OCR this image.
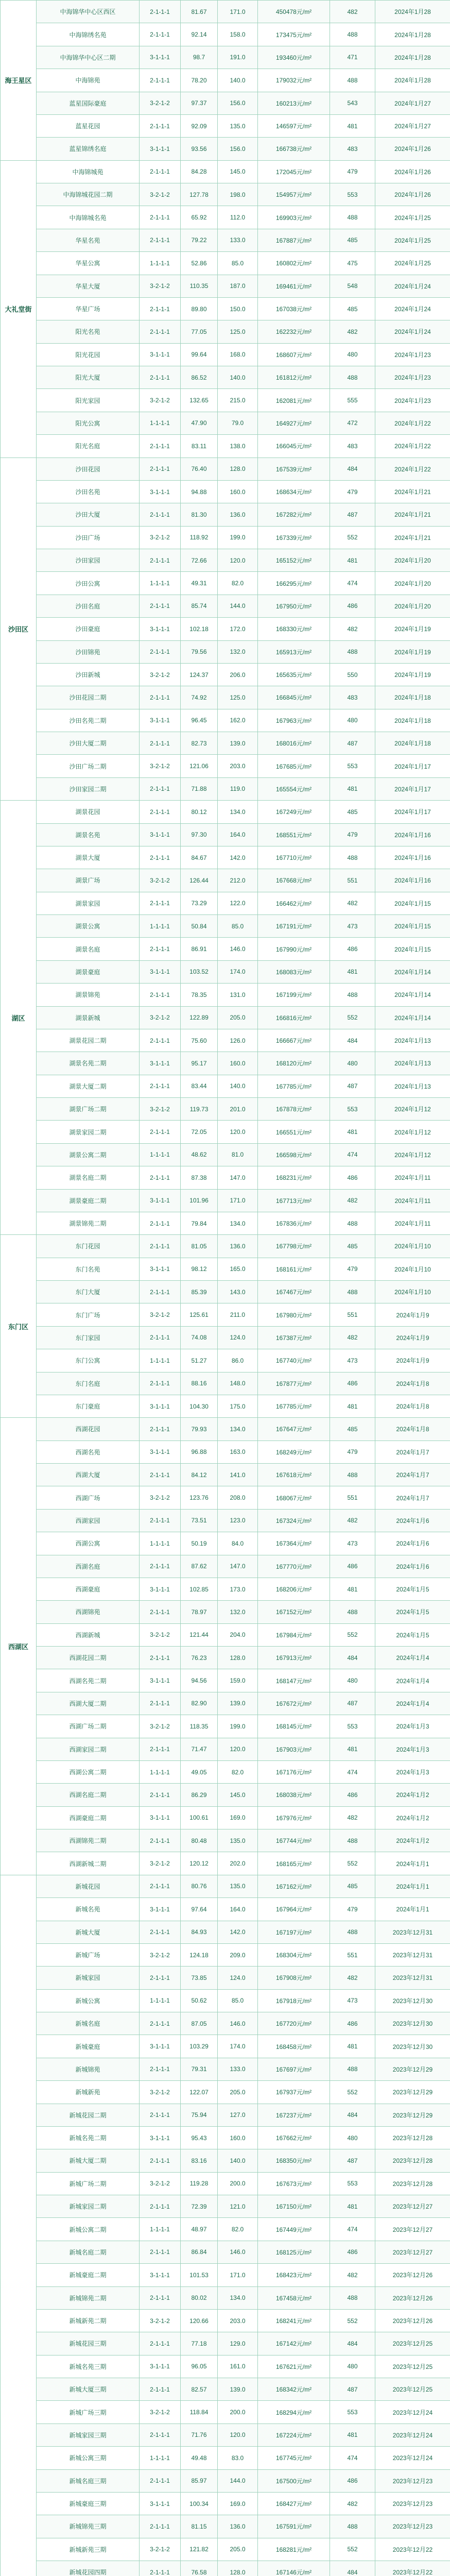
海王星区	中海锦华中心区西区	2-1-1-1	81.67	171.0	450478元/m²	482	2024年1月28
	中海锦绣名苑	2-1-1-1	92.14	158.0	173475元/m²	488	2024年1月28
	中海锦华中心区二期	3-1-1-1	98.7	191.0	193460元/m²	471	2024年1月28
	中海锦苑	2-1-1-1	78.20	140.0	179032元/m²	488	2024年1月28
	蓝星国际豪庭	3-2-1-2	97.37	156.0	160213元/m²	543	2024年1月27
	蓝星花园	2-1-1-1	92.09	135.0	146597元/m²	481	2024年1月27
	蓝星锦绣名庭	3-1-1-1	93.56	156.0	166738元/m²	483	2024年1月26
大礼堂街	中海锦城苑	2-1-1-1	84.28	145.0	172045元/m²	479	2024年1月26
	中海锦城花园二期	3-2-1-2	127.78	198.0	154957元/m²	553	2024年1月26
	中海锦城名苑	2-1-1-1	65.92	112.0	169903元/m²	488	2024年1月25
	华星名苑	2-1-1-1	79.22	133.0	167887元/m²	485	2024年1月25
	华星公寓	1-1-1-1	52.86	85.0	160802元/m²	475	2024年1月25
	华星大厦	3-2-1-2	110.35	187.0	169461元/m²	548	2024年1月24
	华星广场	2-1-1-1	89.80	150.0	167038元/m²	485	2024年1月24
	阳光名苑	2-1-1-1	77.05	125.0	162232元/m²	482	2024年1月24
	阳光花园	3-1-1-1	99.64	168.0	168607元/m²	480	2024年1月23
	阳光大厦	2-1-1-1	86.52	140.0	161812元/m²	488	2024年1月23
	阳光家园	3-2-1-2	132.65	215.0	162081元/m²	555	2024年1月23
	阳光公寓	1-1-1-1	47.90	79.0	164927元/m²	472	2024年1月22
	阳光名庭	2-1-1-1	83.11	138.0	166045元/m²	483	2024年1月22
沙田区	沙田花园	2-1-1-1	76.40	128.0	167539元/m²	484	2024年1月22
	沙田名苑	3-1-1-1	94.88	160.0	168634元/m²	479	2024年1月21
	沙田大厦	2-1-1-1	81.30	136.0	167282元/m²	487	2024年1月21
	沙田广场	3-2-1-2	118.92	199.0	167339元/m²	552	2024年1月21
	沙田家园	2-1-1-1	72.66	120.0	165152元/m²	481	2024年1月20
	沙田公寓	1-1-1-1	49.31	82.0	166295元/m²	474	2024年1月20
	沙田名庭	2-1-1-1	85.74	144.0	167950元/m²	486	2024年1月20
	沙田豪庭	3-1-1-1	102.18	172.0	168330元/m²	482	2024年1月19
	沙田锦苑	2-1-1-1	79.56	132.0	165913元/m²	488	2024年1月19
	沙田新城	3-2-1-2	124.37	206.0	165635元/m²	550	2024年1月19
	沙田花园二期	2-1-1-1	74.92	125.0	166845元/m²	483	2024年1月18
	沙田名苑二期	3-1-1-1	96.45	162.0	167963元/m²	480	2024年1月18
	沙田大厦二期	2-1-1-1	82.73	139.0	168016元/m²	487	2024年1月18
	沙田广场二期	3-2-1-2	121.06	203.0	167685元/m²	553	2024年1月17
	沙田家园二期	2-1-1-1	71.88	119.0	165554元/m²	481	2024年1月17
湖区	湖景花园	2-1-1-1	80.12	134.0	167249元/m²	485	2024年1月17
	湖景名苑	3-1-1-1	97.30	164.0	168551元/m²	479	2024年1月16
	湖景大厦	2-1-1-1	84.67	142.0	167710元/m²	488	2024年1月16
	湖景广场	3-2-1-2	126.44	212.0	167668元/m²	551	2024年1月16
	湖景家园	2-1-1-1	73.29	122.0	166462元/m²	482	2024年1月15
	湖景公寓	1-1-1-1	50.84	85.0	167191元/m²	473	2024年1月15
	湖景名庭	2-1-1-1	86.91	146.0	167990元/m²	486	2024年1月15
	湖景豪庭	3-1-1-1	103.52	174.0	168083元/m²	481	2024年1月14
	湖景锦苑	2-1-1-1	78.35	131.0	167199元/m²	488	2024年1月14
	湖景新城	3-2-1-2	122.89	205.0	166816元/m²	552	2024年1月14
	湖景花园二期	2-1-1-1	75.60	126.0	166667元/m²	484	2024年1月13
	湖景名苑二期	3-1-1-1	95.17	160.0	168120元/m²	480	2024年1月13
	湖景大厦二期	2-1-1-1	83.44	140.0	167785元/m²	487	2024年1月13
	湖景广场二期	3-2-1-2	119.73	201.0	167878元/m²	553	2024年1月12
	湖景家园二期	2-1-1-1	72.05	120.0	166551元/m²	481	2024年1月12
	湖景公寓二期	1-1-1-1	48.62	81.0	166598元/m²	474	2024年1月12
	湖景名庭二期	2-1-1-1	87.38	147.0	168231元/m²	486	2024年1月11
	湖景豪庭二期	3-1-1-1	101.96	171.0	167713元/m²	482	2024年1月11
	湖景锦苑二期	2-1-1-1	79.84	134.0	167836元/m²	488	2024年1月11
东门区	东门花园	2-1-1-1	81.05	136.0	167798元/m²	485	2024年1月10
	东门名苑	3-1-1-1	98.12	165.0	168161元/m²	479	2024年1月10
	东门大厦	2-1-1-1	85.39	143.0	167467元/m²	488	2024年1月10
	东门广场	3-2-1-2	125.61	211.0	167980元/m²	551	2024年1月9
	东门家园	2-1-1-1	74.08	124.0	167387元/m²	482	2024年1月9
	东门公寓	1-1-1-1	51.27	86.0	167740元/m²	473	2024年1月9
	东门名庭	2-1-1-1	88.16	148.0	167877元/m²	486	2024年1月8
	东门豪庭	3-1-1-1	104.30	175.0	167785元/m²	481	2024年1月8
西湖区	西湖花园	2-1-1-1	79.93	134.0	167647元/m²	485	2024年1月8
	西湖名苑	3-1-1-1	96.88	163.0	168249元/m²	479	2024年1月7
	西湖大厦	2-1-1-1	84.12	141.0	167618元/m²	488	2024年1月7
	西湖广场	3-2-1-2	123.76	208.0	168067元/m²	551	2024年1月7
	西湖家园	2-1-1-1	73.51	123.0	167324元/m²	482	2024年1月6
	西湖公寓	1-1-1-1	50.19	84.0	167364元/m²	473	2024年1月6
	西湖名庭	2-1-1-1	87.62	147.0	167770元/m²	486	2024年1月6
	西湖豪庭	3-1-1-1	102.85	173.0	168206元/m²	481	2024年1月5
	西湖锦苑	2-1-1-1	78.97	132.0	167152元/m²	488	2024年1月5
	西湖新城	3-2-1-2	121.44	204.0	167984元/m²	552	2024年1月5
	西湖花园二期	2-1-1-1	76.23	128.0	167913元/m²	484	2024年1月4
	西湖名苑二期	3-1-1-1	94.56	159.0	168147元/m²	480	2024年1月4
	西湖大厦二期	2-1-1-1	82.90	139.0	167672元/m²	487	2024年1月4
	西湖广场二期	3-2-1-2	118.35	199.0	168145元/m²	553	2024年1月3
	西湖家园二期	2-1-1-1	71.47	120.0	167903元/m²	481	2024年1月3
	西湖公寓二期	1-1-1-1	49.05	82.0	167176元/m²	474	2024年1月3
	西湖名庭二期	2-1-1-1	86.29	145.0	168038元/m²	486	2024年1月2
	西湖豪庭二期	3-1-1-1	100.61	169.0	167976元/m²	482	2024年1月2
	西湖锦苑二期	2-1-1-1	80.48	135.0	167744元/m²	488	2024年1月2
	西湖新城二期	3-2-1-2	120.12	202.0	168165元/m²	552	2024年1月1
	新城花园	2-1-1-1	80.76	135.0	167162元/m²	485	2024年1月1
	新城名苑	3-1-1-1	97.64	164.0	167964元/m²	479	2024年1月1
	新城大厦	2-1-1-1	84.93	142.0	167197元/m²	488	2023年12月31
	新城广场	3-2-1-2	124.18	209.0	168304元/m²	551	2023年12月31
	新城家园	2-1-1-1	73.85	124.0	167908元/m²	482	2023年12月31
	新城公寓	1-1-1-1	50.62	85.0	167918元/m²	473	2023年12月30
	新城名庭	2-1-1-1	87.05	146.0	167720元/m²	486	2023年12月30
	新城豪庭	3-1-1-1	103.29	174.0	168458元/m²	481	2023年12月30
	新城锦苑	2-1-1-1	79.31	133.0	167697元/m²	488	2023年12月29
	新城新苑	3-2-1-2	122.07	205.0	167937元/m²	552	2023年12月29
	新城花园二期	2-1-1-1	75.94	127.0	167237元/m²	484	2023年12月29
	新城名苑二期	3-1-1-1	95.43	160.0	167662元/m²	480	2023年12月28
	新城大厦二期	2-1-1-1	83.16	140.0	168350元/m²	487	2023年12月28
	新城广场二期	3-2-1-2	119.28	200.0	167673元/m²	553	2023年12月28
	新城家园二期	2-1-1-1	72.39	121.0	167150元/m²	481	2023年12月27
	新城公寓二期	1-1-1-1	48.97	82.0	167449元/m²	474	2023年12月27
	新城名庭二期	2-1-1-1	86.84	146.0	168125元/m²	486	2023年12月27
	新城豪庭二期	3-1-1-1	101.53	171.0	168423元/m²	482	2023年12月26
	新城锦苑二期	2-1-1-1	80.02	134.0	167458元/m²	488	2023年12月26
	新城新苑二期	3-2-1-2	120.66	203.0	168241元/m²	552	2023年12月26
	新城花园三期	2-1-1-1	77.18	129.0	167142元/m²	484	2023年12月25
	新城名苑三期	3-1-1-1	96.05	161.0	167621元/m²	480	2023年12月25
	新城大厦三期	2-1-1-1	82.57	139.0	168342元/m²	487	2023年12月25
	新城广场三期	3-2-1-2	118.84	200.0	168294元/m²	553	2023年12月24
	新城家园三期	2-1-1-1	71.76	120.0	167224元/m²	481	2023年12月24
	新城公寓三期	1-1-1-1	49.48	83.0	167745元/m²	474	2023年12月24
	新城名庭三期	2-1-1-1	85.97	144.0	167500元/m²	486	2023年12月23
	新城豪庭三期	3-1-1-1	100.34	169.0	168427元/m²	482	2023年12月23
	新城锦苑三期	2-1-1-1	81.15	136.0	167591元/m²	488	2023年12月23
	新城新苑三期	3-2-1-2	121.82	205.0	168281元/m²	552	2023年12月22
	新城花园四期	2-1-1-1	76.58	128.0	167146元/m²	484	2023年12月22
